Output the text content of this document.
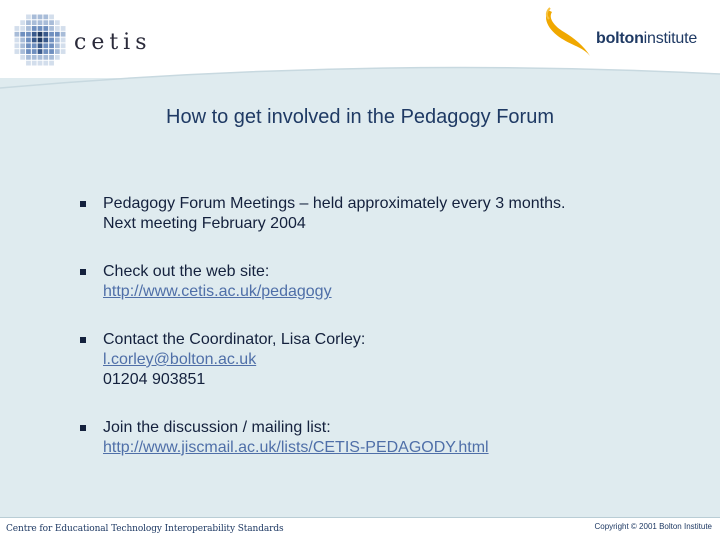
cetis	boltoninstitute
How to get involved in the Pedagogy Forum
Pedagogy Forum Meetings – held approximately every 3 months.
Next meeting February 2004
Check out the web site:
http://www.cetis.ac.uk/pedagogy
Contact the Coordinator, Lisa Corley:
l.corley@bolton.ac.uk
01204 903851
Join the discussion / mailing list:
http://www.jiscmail.ac.uk/lists/CETIS-PEDAGODY.html
Centre for Educational Technology Interoperability Standards	Copyright © 2001 Bolton Institute
